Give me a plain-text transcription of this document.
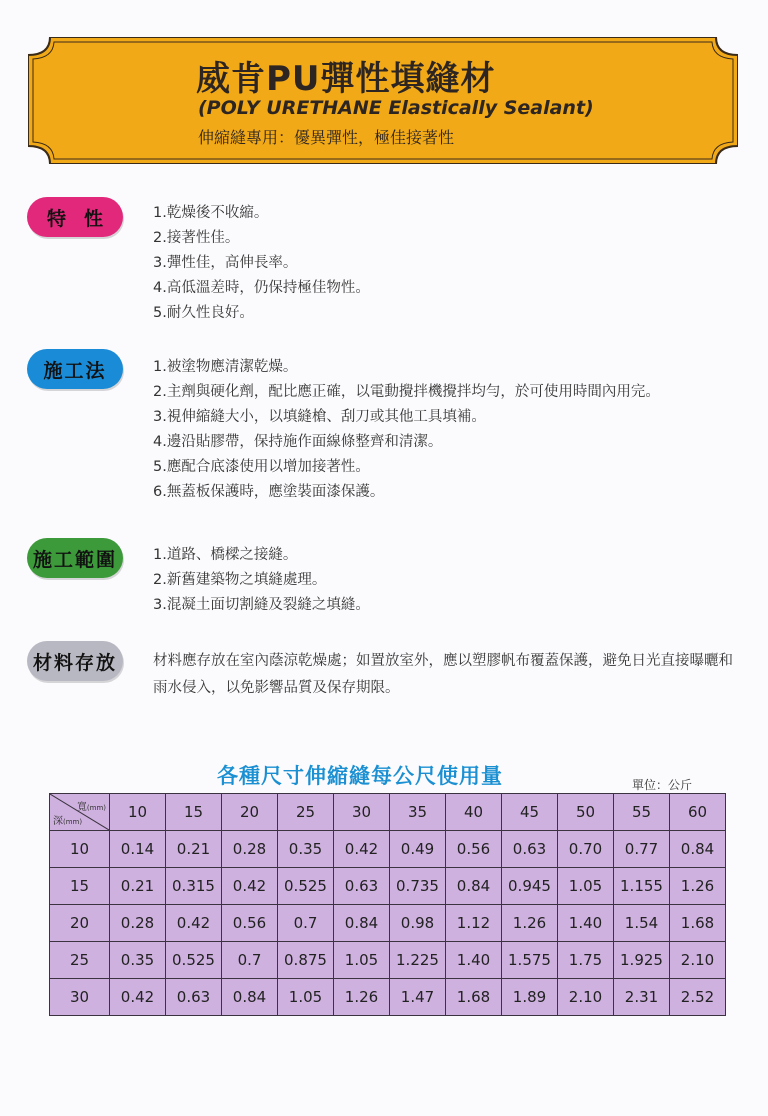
威肯PU彈性填縫材
(POLY URETHANE Elastically Sealant)
伸縮縫專用：優異彈性，極佳接著性
特性 1.乾燥後不收縮。
2.接著性佳。
3.彈性佳，高伸長率。
4.高低溫差時，仍保持極佳物性。
5.耐久性良好。
施工法	1.被塗物應清潔乾燥。
2.主劑與硬化劑，配比應正確，以電動攪拌機攪拌均勻，於可使用時間內用完。
3.視伸縮縫大小，以填縫槍、刮刀或其他工具填補。
4.邊沿貼膠帶，保持施作面線條整齊和清潔。
5.應配合底漆使用以增加接著性。
6.無蓋板保護時，應塗裝面漆保護。
施工範圍	1.道路、橋樑之接縫。
2.新舊建築物之填縫處理。
3.混凝土面切割縫及裂縫之填縫。
材料存放	材料應存放在室內蔭涼乾燥處；如置放室外，應以塑膠帆布覆蓋保護，避免日光直接曝曬和雨水侵入，以免影響品質及保存期限。
各種尺寸伸縮縫每公尺使用量	單位：公斤
寬(mm)
深(mm)	10	15	20	25	30	35	40	45	50	55	60
10	0.14	0.21	0.28	0.35	0.42	0.49	0.56	0.63	0.70	0.77	0.84
15	0.21	0.315	0.42	0.525	0.63	0.735	0.84	0.945	1.05	1.155	1.26
20	0.28	0.42	0.56	0.7	0.84	0.98	1.12	1.26	1.40	1.54	1.68
25	0.35	0.525	0.7	0.875	1.05	1.225	1.40	1.575	1.75	1.925	2.10
30	0.42	0.63	0.84	1.05	1.26	1.47	1.68	1.89	2.10	2.31	2.52
